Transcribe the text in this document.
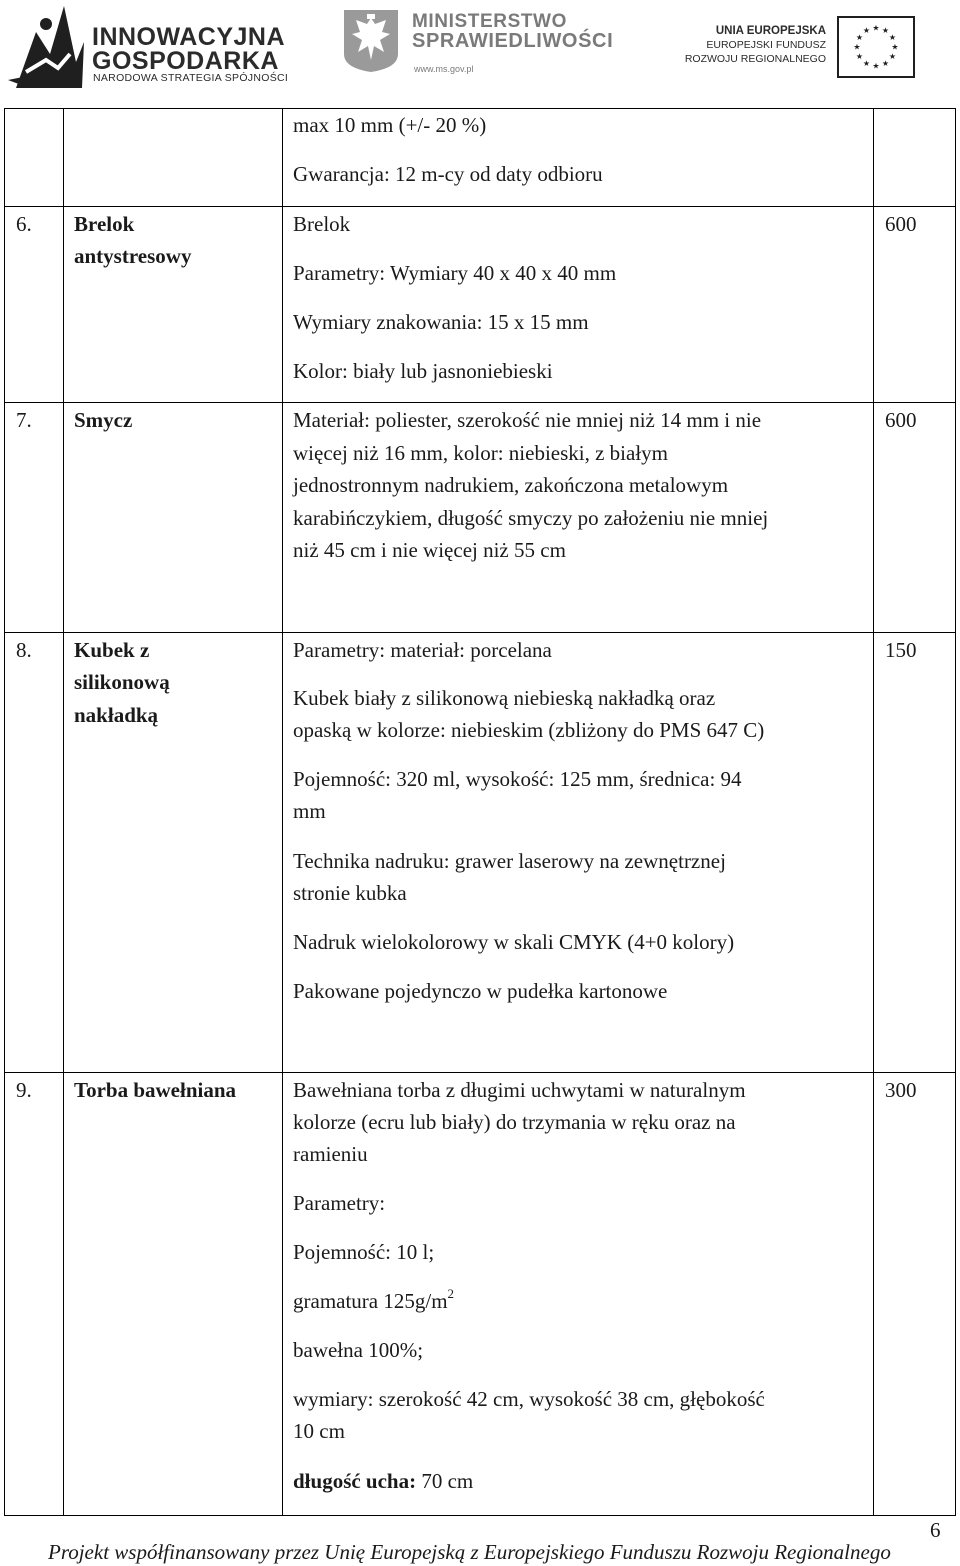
INNOWACYJNA
GOSPODARKA
NARODOWA STRATEGIA SPÓJNOŚCI
MINISTERSTWO
SPRAWIEDLIWOŚCI
www.ms.gov.pl
UNIA EUROPEJSKA
EUROPEJSKI FUNDUSZ
ROZWOJU REGIONALNEGO
★ ★
★
★
★
★
★
★
★
★
★
★
max 10 mm (+/- 20 %)
Gwarancja: 12 m-cy od daty odbioru
6. Brelok
antystresowy
Brelok
Parametry: Wymiary 40 x 40 x 40 mm
Wymiary znakowania: 15 x 15 mm
Kolor: biały lub jasnoniebieski
600
7. Smycz	Materiał: poliester, szerokość nie mniej niż 14 mm i nie
więcej niż 16 mm, kolor: niebieski, z białym
jednostronnym nadrukiem, zakończona metalowym
karabińczykiem, długość smyczy po założeniu nie mniej
niż 45 cm i nie więcej niż 55 cm
600
8. Kubek z
silikonową
nakładką
Parametry: materiał: porcelana
Kubek biały z silikonową niebieską nakładką oraz
opaską w kolorze: niebieskim (zbliżony do PMS 647 C)
Pojemność: 320 ml, wysokość: 125 mm, średnica: 94
mm
Technika nadruku: grawer laserowy na zewnętrznej
stronie kubka
Nadruk wielokolorowy w skali CMYK (4+0 kolory)
Pakowane pojedynczo w pudełka kartonowe
150
9. Torba bawełniana	Bawełniana torba z długimi uchwytami w naturalnym
kolorze (ecru lub biały) do trzymania w ręku oraz na
ramieniu
Parametry:
Pojemność: 10 l;
gramatura $125g/m^2$
bawełna 100%;
wymiary: szerokość 42 cm, wysokość 38 cm, głębokość
10 cm
długość ucha: 70 cm
300
6
Projekt współfinansowany przez Unię Europejską z Europejskiego Funduszu Rozwoju Regionalnego
